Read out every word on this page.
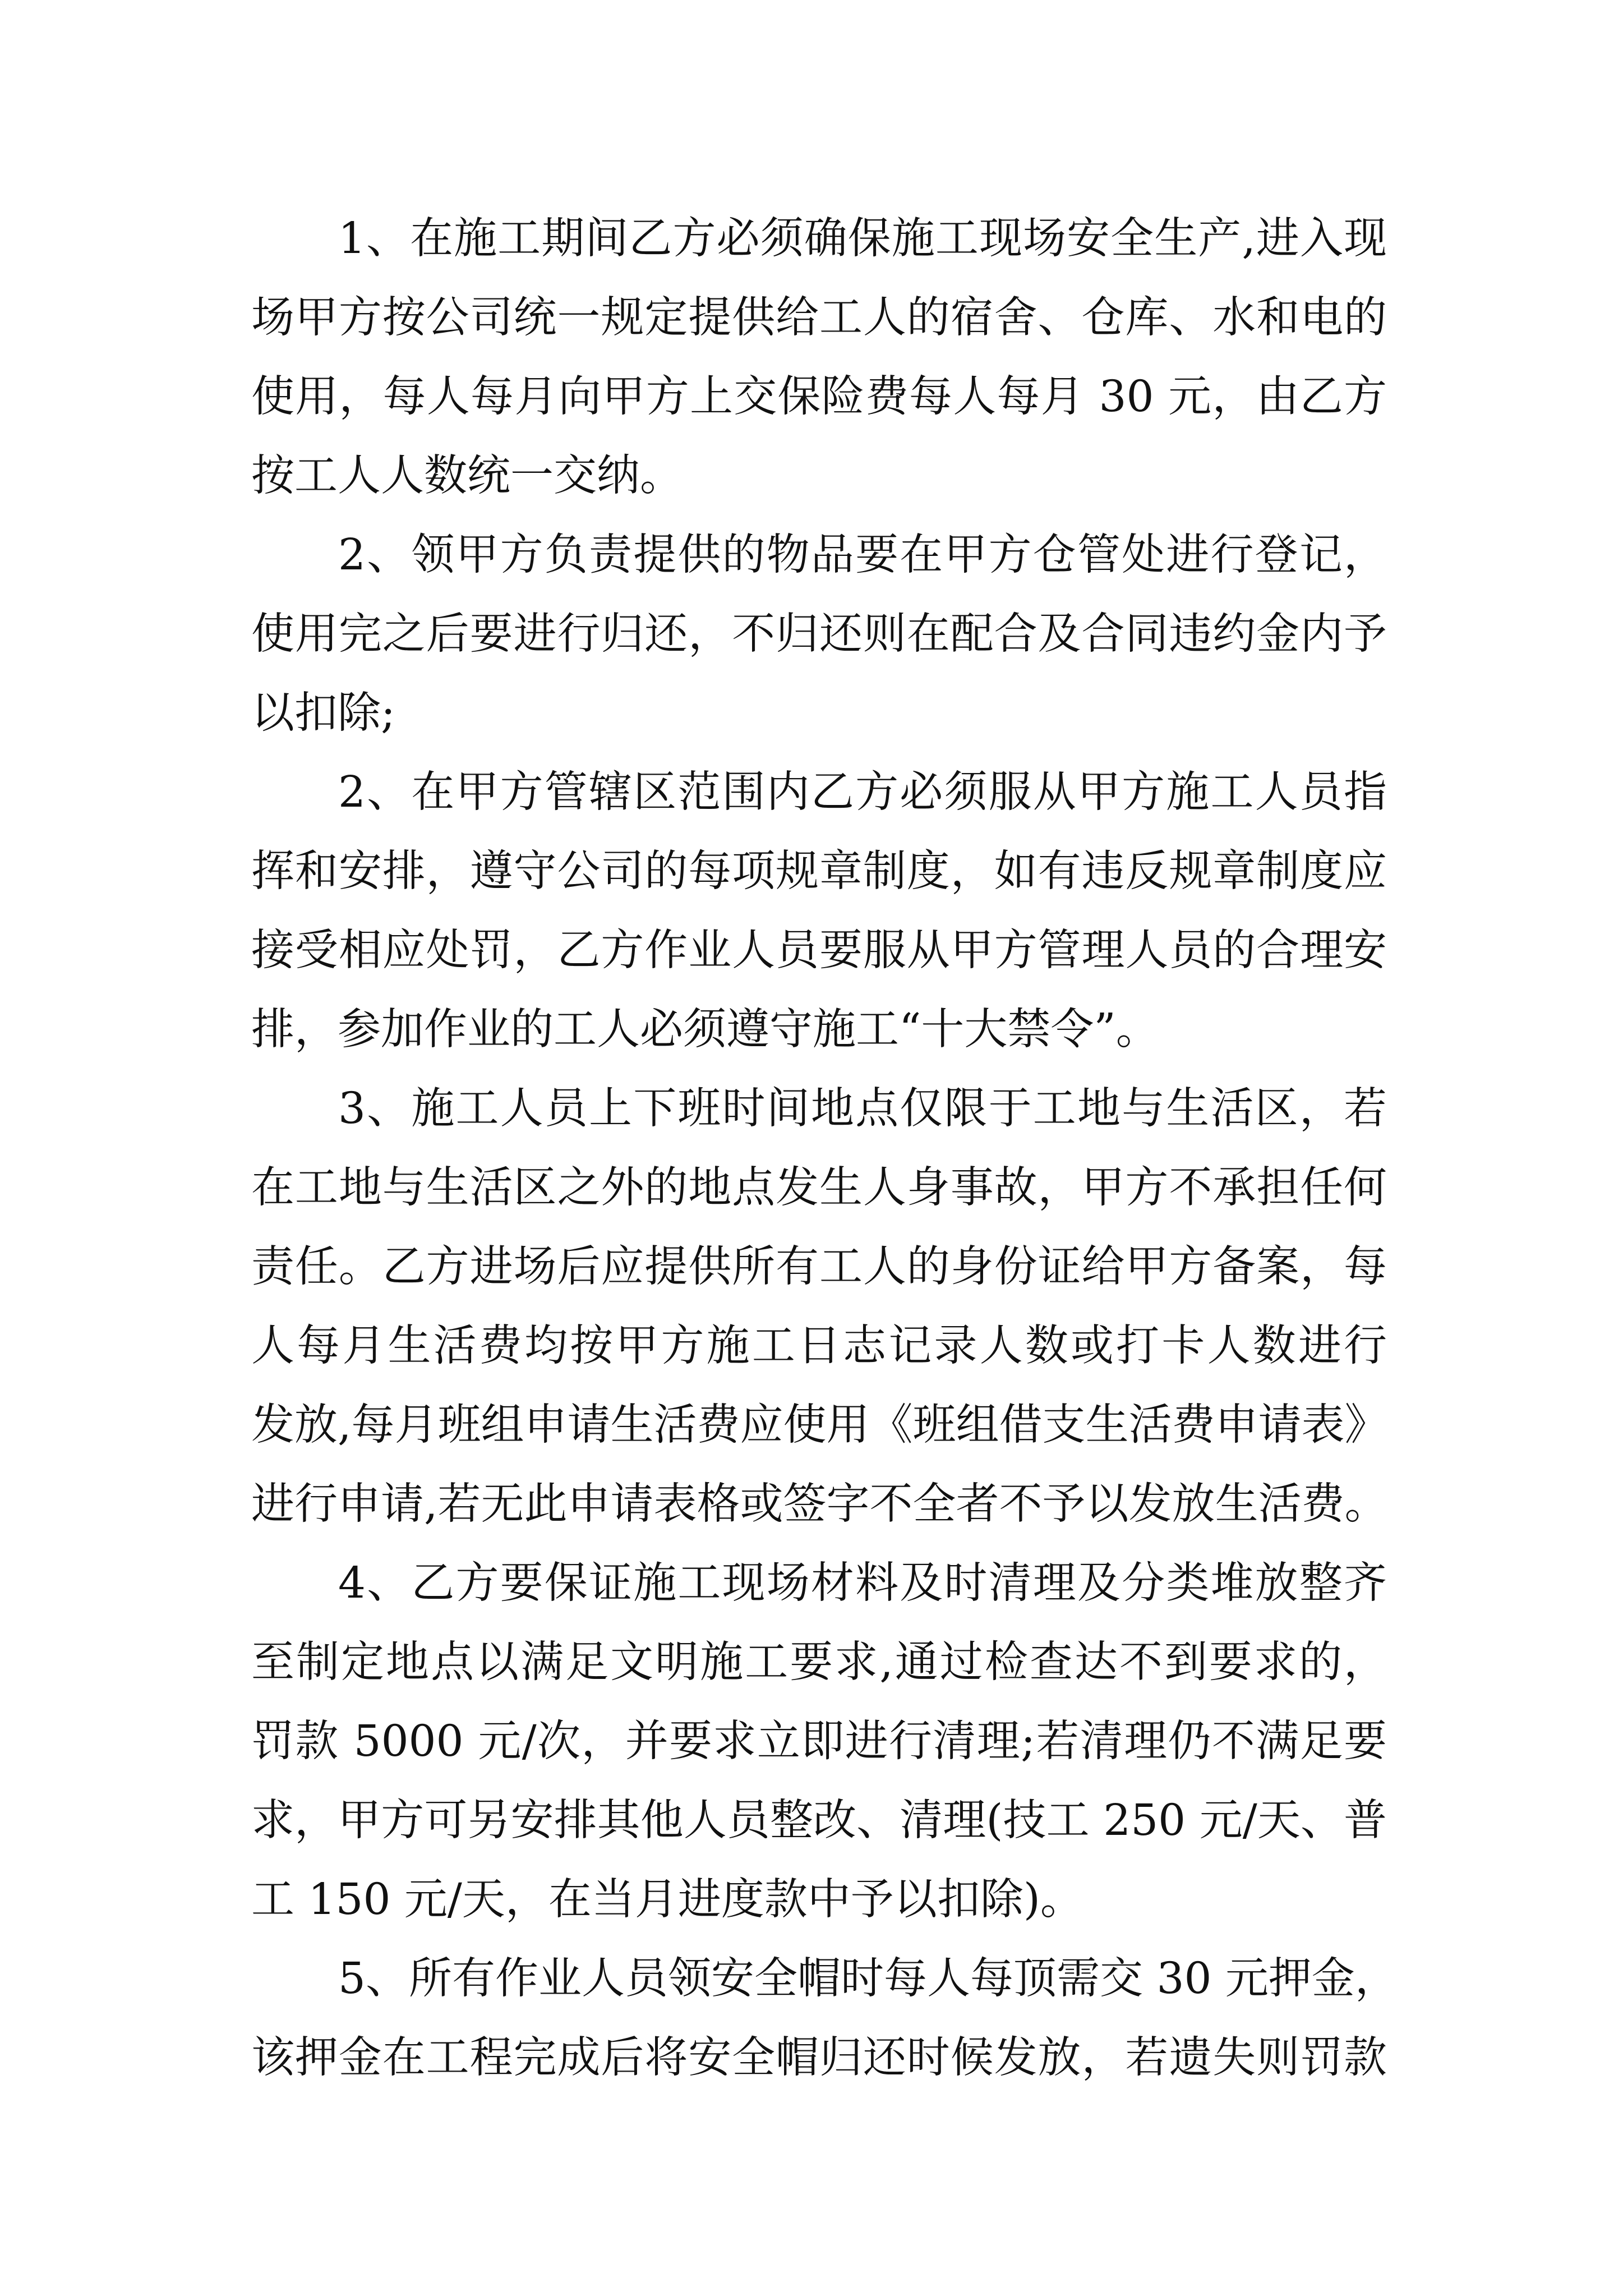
1、在施工期间乙方必须确保施工现场安全生产,进入现
场甲方按公司统一规定提供给工人的宿舍、仓库、水和电的
使用，每人每月向甲方上交保险费每人每月 30 元，由乙方
按工人人数统一交纳。
2、领甲方负责提供的物品要在甲方仓管处进行登记，
使用完之后要进行归还，不归还则在配合及合同违约金内予
以扣除;
2、在甲方管辖区范围内乙方必须服从甲方施工人员指
挥和安排，遵守公司的每项规章制度，如有违反规章制度应
接受相应处罚，乙方作业人员要服从甲方管理人员的合理安
排，参加作业的工人必须遵守施工“十大禁令”。
3、施工人员上下班时间地点仅限于工地与生活区，若
在工地与生活区之外的地点发生人身事故，甲方不承担任何
责任。乙方进场后应提供所有工人的身份证给甲方备案，每
人每月生活费均按甲方施工日志记录人数或打卡人数进行
发放,每月班组申请生活费应使用《班组借支生活费申请表》
进行申请,若无此申请表格或签字不全者不予以发放生活费。
4、乙方要保证施工现场材料及时清理及分类堆放整齐
至制定地点以满足文明施工要求,通过检查达不到要求的，
罚款 5000 元/次，并要求立即进行清理;若清理仍不满足要
求，甲方可另安排其他人员整改、清理(技工 250 元/天、普
工 150 元/天，在当月进度款中予以扣除)。
5、所有作业人员领安全帽时每人每顶需交 30 元押金，
该押金在工程完成后将安全帽归还时候发放，若遗失则罚款
